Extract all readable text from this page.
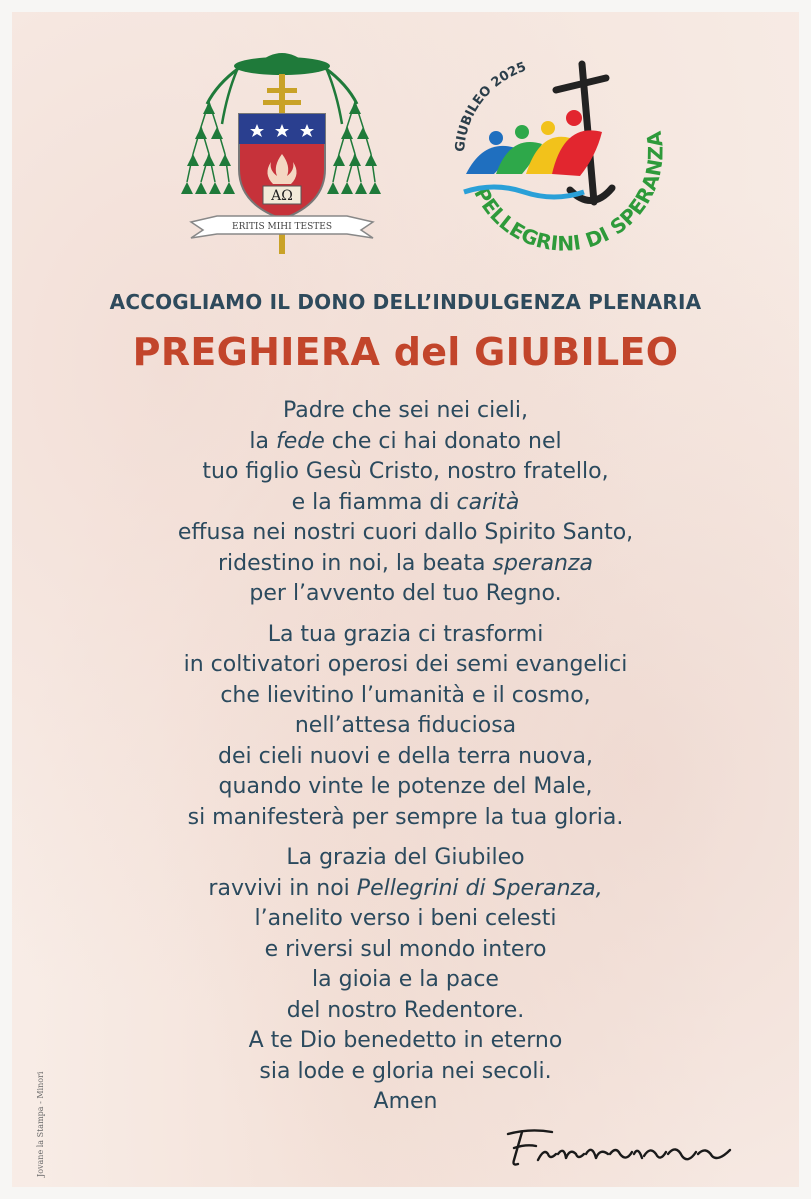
ΑΩ
ERITIS MIHI TESTES
GIUBILEO 2025
PELLEGRINI DI SPERANZA
ACCOGLIAMO IL DONO DELL’INDULGENZA PLENARIA
PREGHIERA del GIUBILEO
Padre che sei nei cieli,
la fede che ci hai donato nel
tuo figlio Gesù Cristo, nostro fratello,
e la fiamma di carità
effusa nei nostri cuori dallo Spirito Santo,
ridestino in noi, la beata speranza
per l’avvento del tuo Regno.
La tua grazia ci trasformi
in coltivatori operosi dei semi evangelici
che lievitino l’umanità e il cosmo,
nell’attesa fiduciosa
dei cieli nuovi e della terra nuova,
quando vinte le potenze del Male,
si manifesterà per sempre la tua gloria.
La grazia del Giubileo
ravvivi in noi Pellegrini di Speranza,
l’anelito verso i beni celesti
e riversi sul mondo intero
la gioia e la pace
del nostro Redentore.
A te Dio benedetto in eterno
sia lode e gloria nei secoli.
Amen
Jovane la Stampa - Minori
